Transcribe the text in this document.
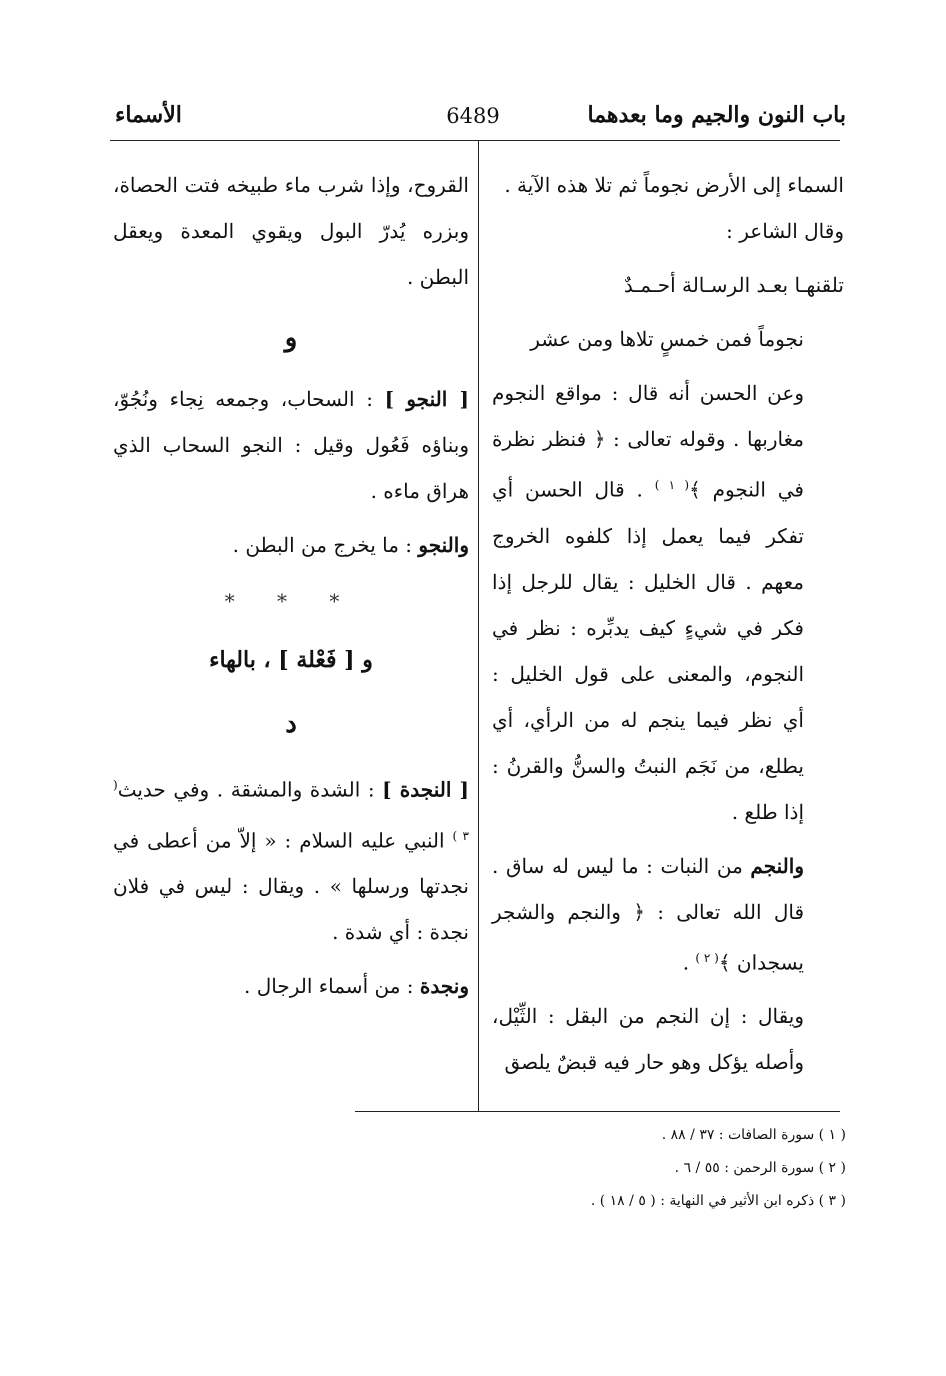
باب النون والجيم وما بعدهما
6489
الأسماء

السماء إلى الأرض نجوماً ثم تلا هذه الآية .

وقال الشاعر :

تلقنهـا بعـد الرسـالة أحـمـدٌ

نجوماً فمن خمسٍ تلاها ومن عشر

وعن الحسن أنه قال : مواقع النجوم مغاربها . وقوله تعالى : ﴿ فنظر نظرة في النجوم ﴾$^{( ١ )}$ . قال الحسن أي تفكر فيما يعمل إذا كلفوه الخروج معهم . قال الخليل : يقال للرجل إذا فكر في شيءٍ كيف يدبِّره : نظر في النجوم، والمعنى على قول الخليل : أي نظر فيما ينجم له من الرأي، أي يطلع، من نَجَم النبتُ والسنُّ والقرنُ : إذا طلع .

والنجم من النبات : ما ليس له ساق . قال الله تعالى : ﴿ والنجم والشجر يسجدان ﴾$^{( ٢ )}$ .

ويقال : إن النجم من البقل : الثِّيْل، وأصله يؤكل وهو حار فيه قبضٌ يلصق

القروح، وإذا شرب ماء طبيخه فتت الحصاة، وبزره يُدرّ البول ويقوي المعدة ويعقل البطن .

و

[ النجو ] : السحاب، وجمعه نِجاء ونُجُوّ، وبناؤه فَعُول وقيل : النجو السحاب الذي هراق ماءه .

والنجو : ما يخرج من البطن .

* * *
و [ فَعْلة ] ، بالهاء
د

[ النجدة ] : الشدة والمشقة . وفي حديث$^{( ٣ )}$ النبي عليه السلام : « إلاّ من أعطى في نجدتها ورسلها » . ويقال : ليس في فلان نجدة : أي شدة .

ونجدة : من أسماء الرجال .

( ١ ) سورة الصافات : ٣٧ / ٨٨ .
( ٢ ) سورة الرحمن : ٥٥ / ٦ .
( ٣ ) ذكره ابن الأثير في النهاية : ( ٥ / ١٨ ) .
